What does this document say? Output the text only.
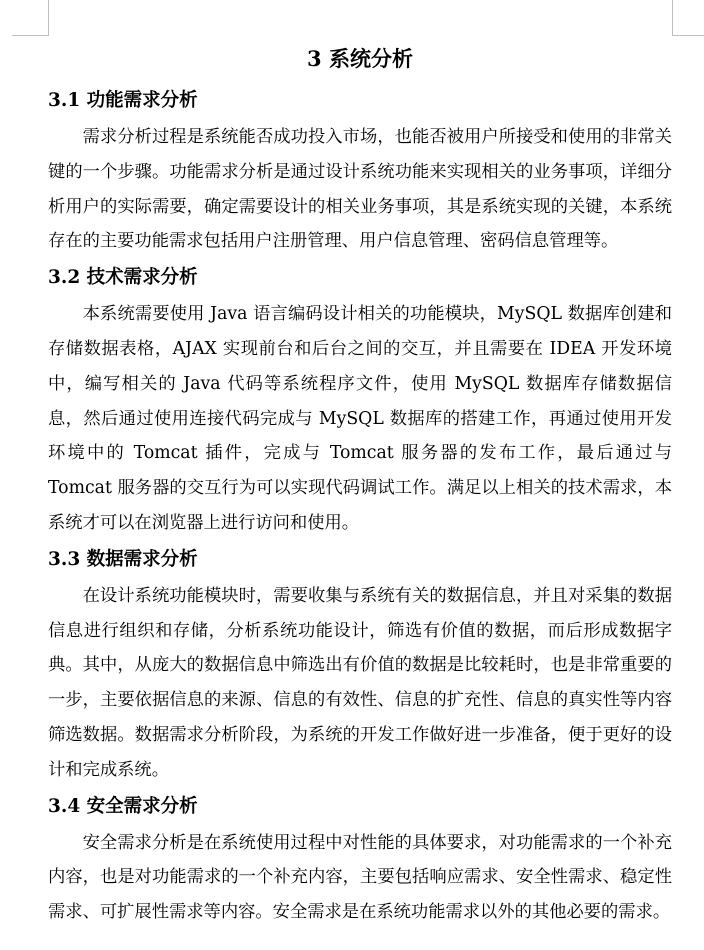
3 系统分析
3.1 功能需求分析

需求分析过程是系统能否成功投入市场，也能否被用户所接受和使用的非常关键的一个步骤。功能需求分析是通过设计系统功能来实现相关的业务事项，详细分析用户的实际需要，确定需要设计的相关业务事项，其是系统实现的关键，本系统存在的主要功能需求包括用户注册管理、用户信息管理、密码信息管理等。

3.2 技术需求分析

本系统需要使用 Java 语言编码设计相关的功能模块，MySQL 数据库创建和存储数据表格，AJAX 实现前台和后台之间的交互，并且需要在 IDEA 开发环境中，编写相关的 Java 代码等系统程序文件，使用 MySQL 数据库存储数据信息，然后通过使用连接代码完成与 MySQL 数据库的搭建工作，再通过使用开发环境中的 Tomcat 插件，完成与 Tomcat 服务器的发布工作，最后通过与 Tomcat 服务器的交互行为可以实现代码调试工作。满足以上相关的技术需求，本系统才可以在浏览器上进行访问和使用。

3.3 数据需求分析

在设计系统功能模块时，需要收集与系统有关的数据信息，并且对采集的数据信息进行组织和存储，分析系统功能设计，筛选有价值的数据，而后形成数据字典。其中，从庞大的数据信息中筛选出有价值的数据是比较耗时，也是非常重要的一步，主要依据信息的来源、信息的有效性、信息的扩充性、信息的真实性等内容筛选数据。数据需求分析阶段，为系统的开发工作做好进一步准备，便于更好的设计和完成系统。

3.4 安全需求分析

安全需求分析是在系统使用过程中对性能的具体要求，对功能需求的一个补充内容，也是对功能需求的一个补充内容，主要包括响应需求、安全性需求、稳定性需求、可扩展性需求等内容。安全需求是在系统功能需求以外的其他必要的需求。
